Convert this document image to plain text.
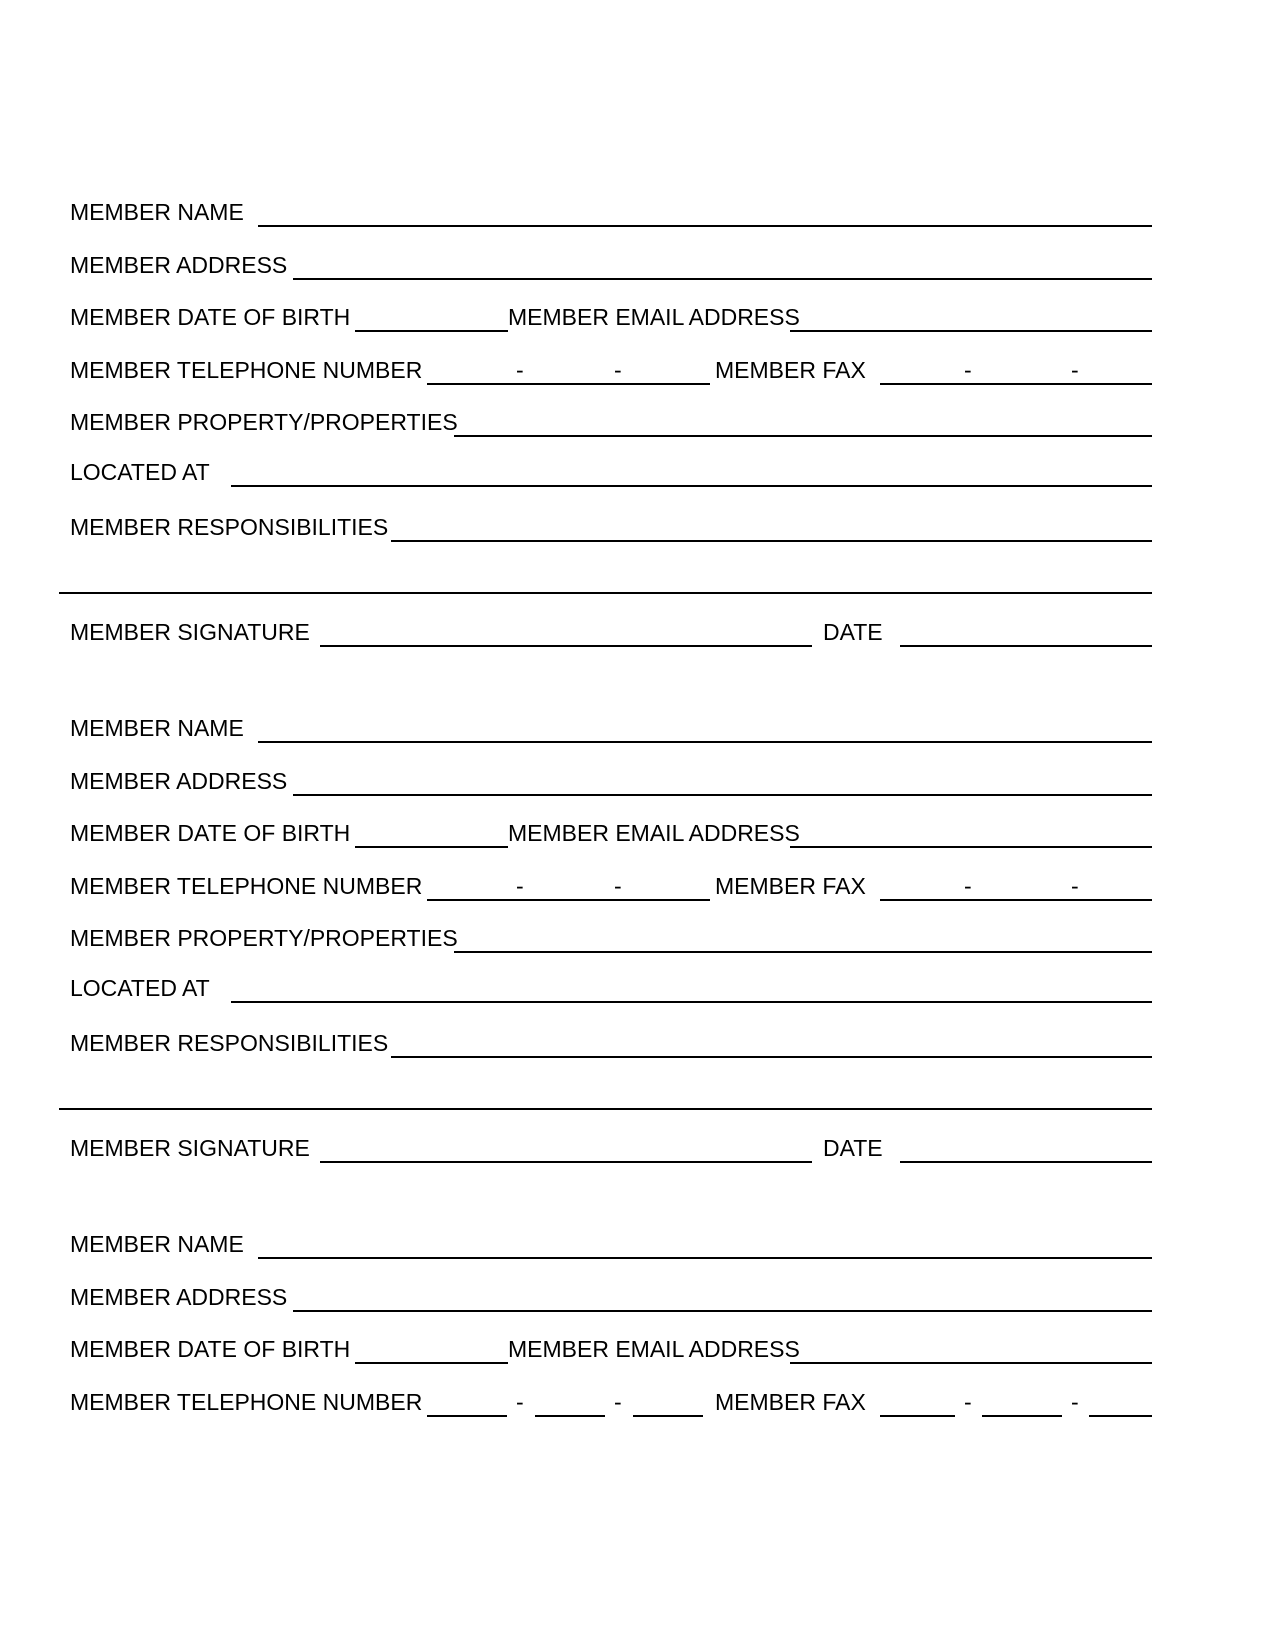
MEMBER NAME
MEMBER ADDRESS
MEMBER DATE OF BIRTH	MEMBER EMAIL ADDRESS
MEMBER TELEPHONE NUMBER	-	-	MEMBER FAX	-	-
MEMBER PROPERTY/PROPERTIES
LOCATED AT
MEMBER RESPONSIBILITIES
MEMBER SIGNATURE	DATE
MEMBER NAME
MEMBER ADDRESS
MEMBER DATE OF BIRTH	MEMBER EMAIL ADDRESS
MEMBER TELEPHONE NUMBER	-	-	MEMBER FAX	-	-
MEMBER PROPERTY/PROPERTIES
LOCATED AT
MEMBER RESPONSIBILITIES
MEMBER SIGNATURE	DATE
MEMBER NAME
MEMBER ADDRESS
MEMBER DATE OF BIRTH	MEMBER EMAIL ADDRESS
MEMBER TELEPHONE NUMBER	-	-	MEMBER FAX	-	-
